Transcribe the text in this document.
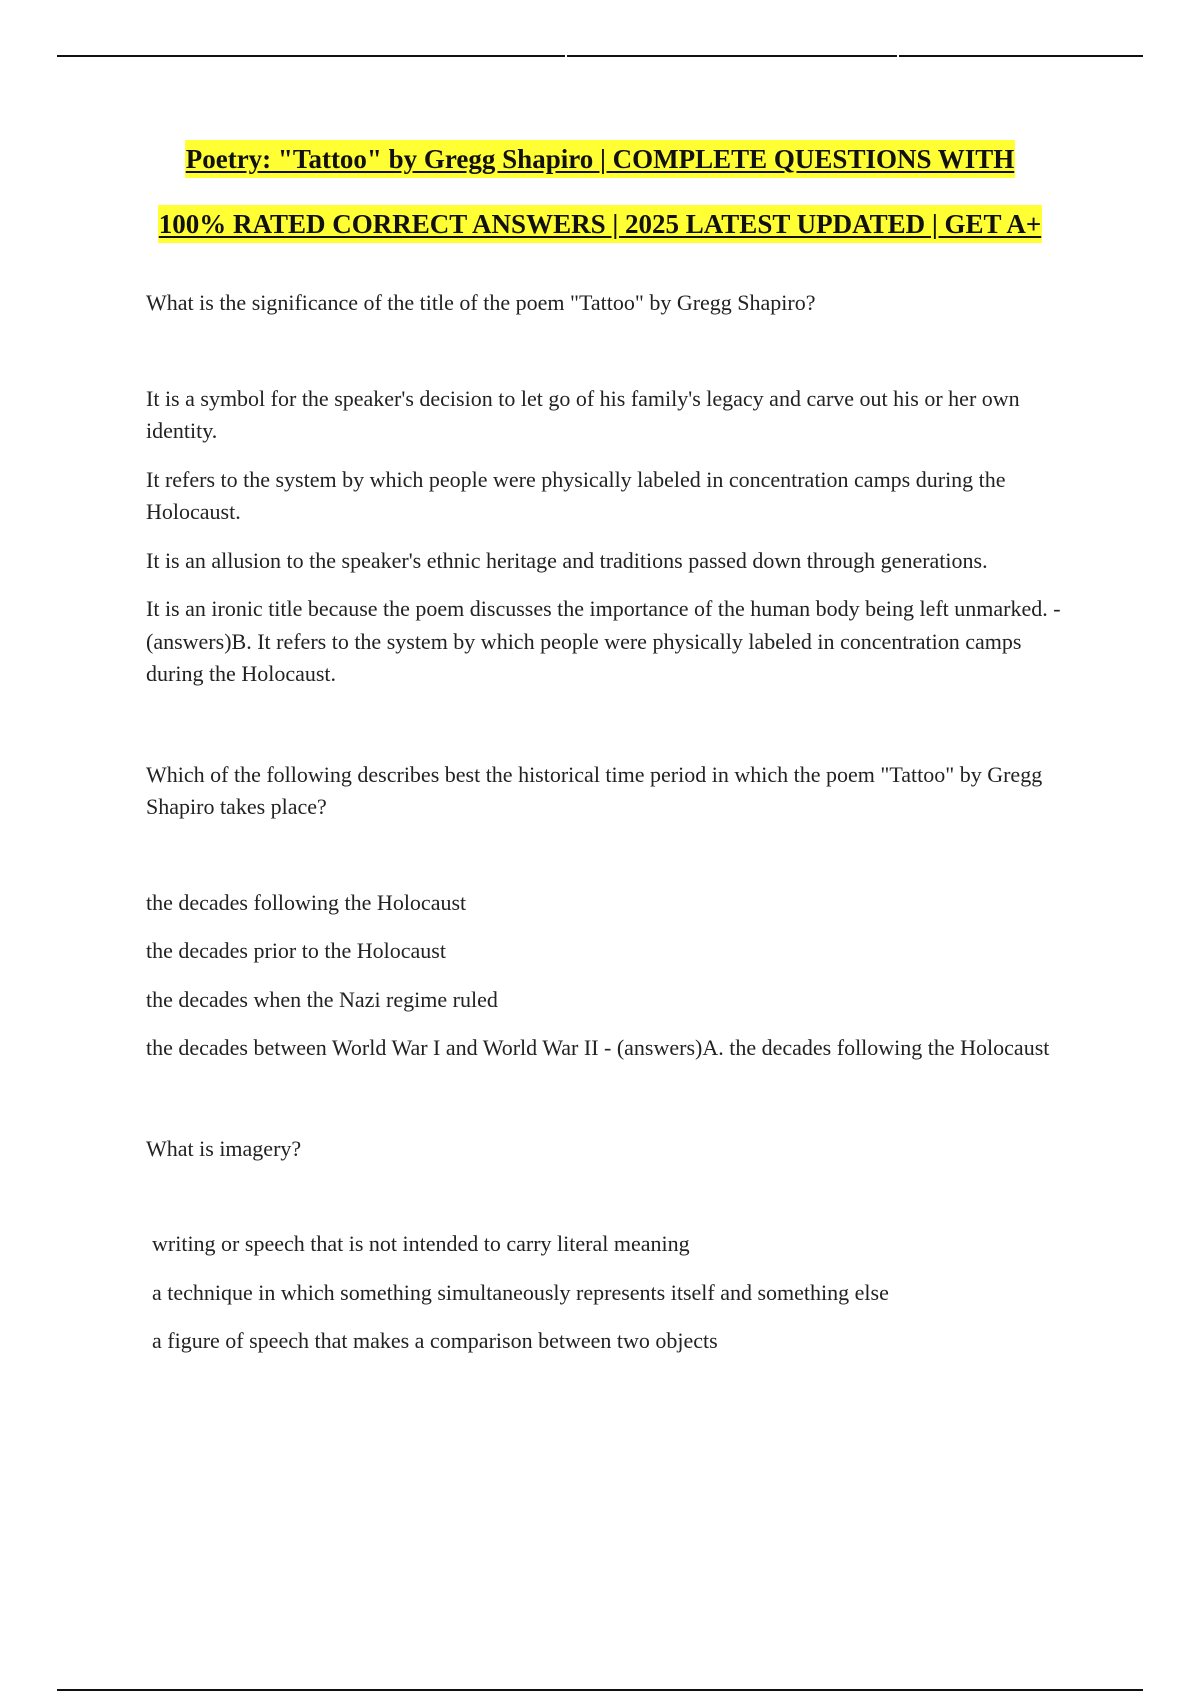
Poetry: "Tattoo" by Gregg Shapiro | COMPLETE QUESTIONS WITH
100% RATED CORRECT ANSWERS | 2025 LATEST UPDATED | GET A+

What is the significance of the title of the poem "Tattoo" by Gregg Shapiro?

It is a symbol for the speaker's decision to let go of his family's legacy and carve out his or her own identity.

It refers to the system by which people were physically labeled in concentration camps during the Holocaust.

It is an allusion to the speaker's ethnic heritage and traditions passed down through generations.

It is an ironic title because the poem discusses the importance of the human body being left unmarked. - (answers)B. It refers to the system by which people were physically labeled in concentration camps during the Holocaust.

Which of the following describes best the historical time period in which the poem "Tattoo" by Gregg Shapiro takes place?

the decades following the Holocaust

the decades prior to the Holocaust

the decades when the Nazi regime ruled

the decades between World War I and World War II - (answers)A. the decades following the Holocaust

What is imagery?

writing or speech that is not intended to carry literal meaning

a technique in which something simultaneously represents itself and something else

a figure of speech that makes a comparison between two objects
